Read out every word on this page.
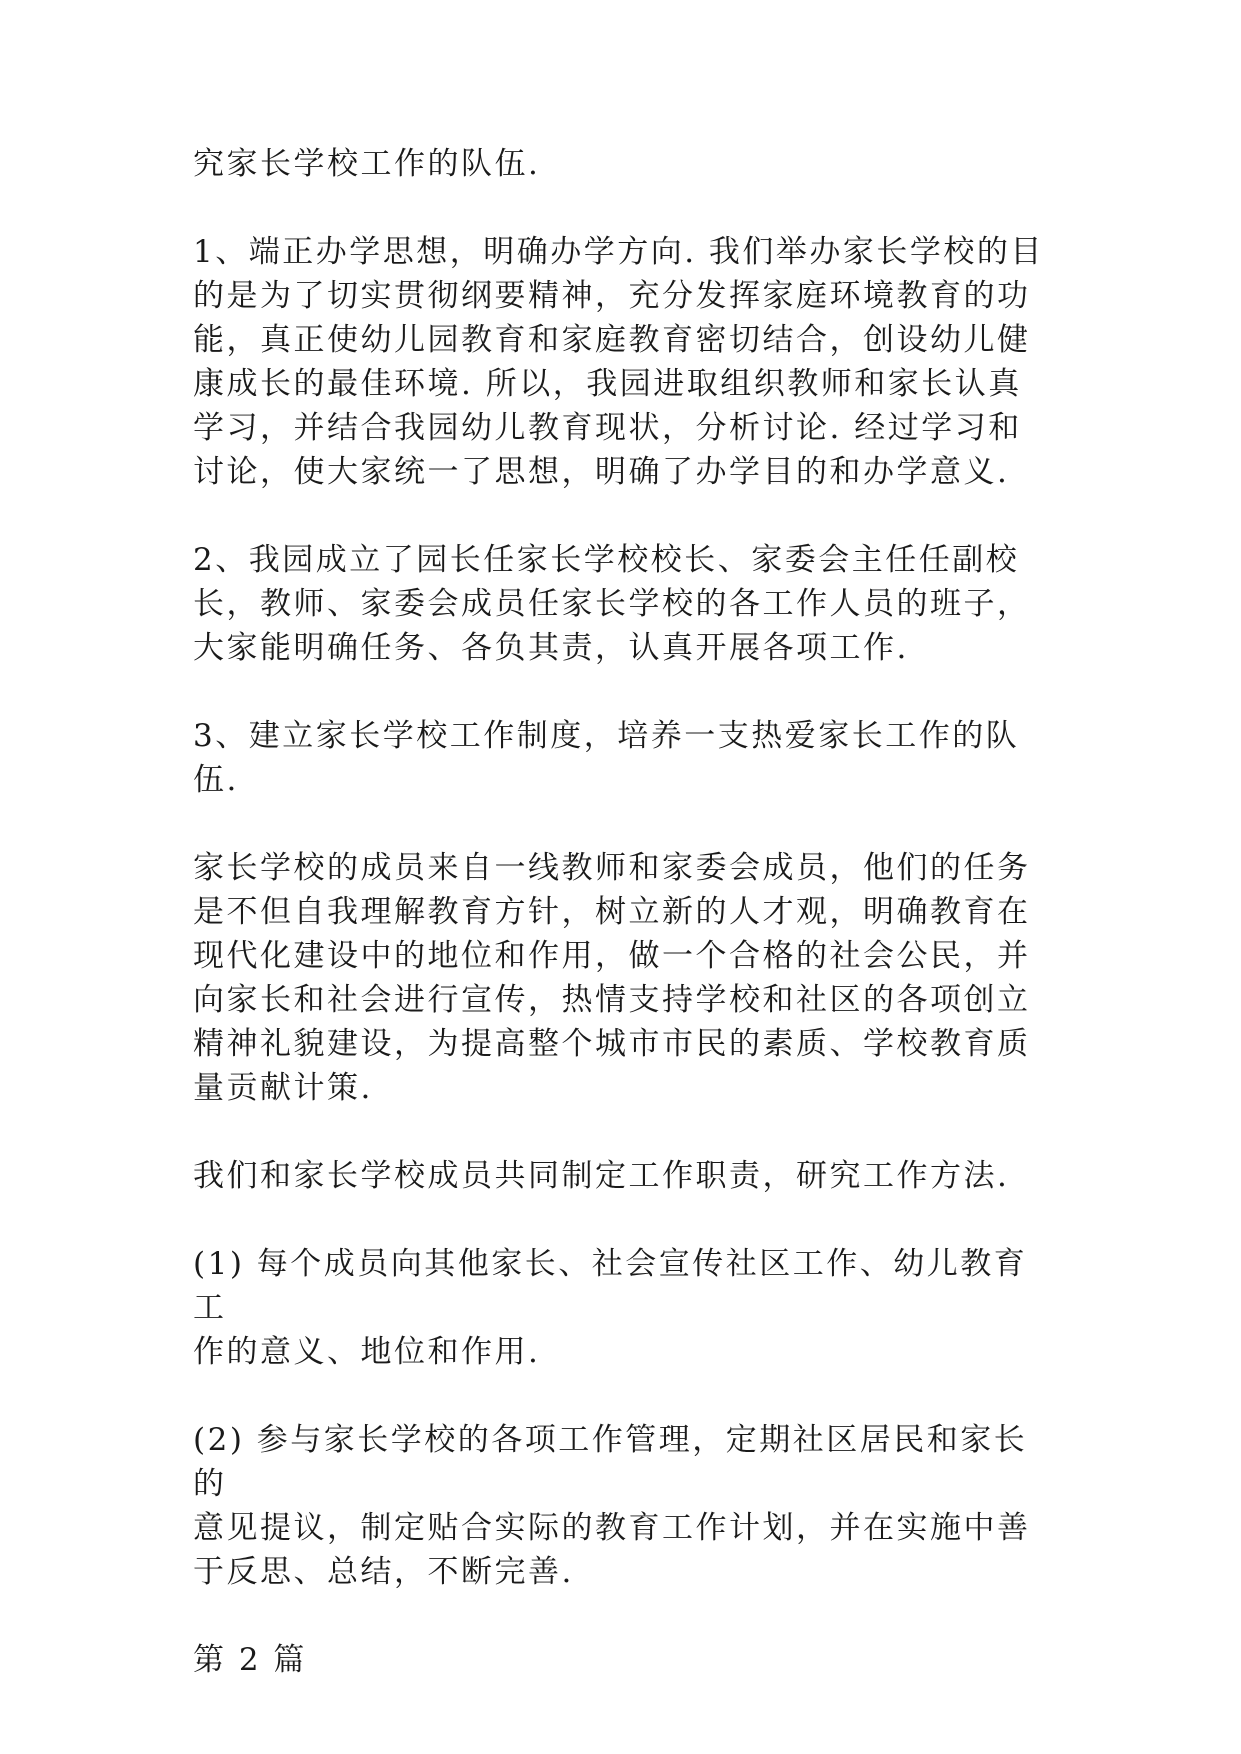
究家长学校工作的队伍.

1、端正办学思想，明确办学方向. 我们举办家长学校的目
的是为了切实贯彻纲要精神，充分发挥家庭环境教育的功
能，真正使幼儿园教育和家庭教育密切结合，创设幼儿健
康成长的最佳环境. 所以，我园进取组织教师和家长认真
学习，并结合我园幼儿教育现状，分析讨论. 经过学习和
讨论，使大家统一了思想，明确了办学目的和办学意义.

2、我园成立了园长任家长学校校长、家委会主任任副校
长，教师、家委会成员任家长学校的各工作人员的班子，
大家能明确任务、各负其责，认真开展各项工作.

3、建立家长学校工作制度，培养一支热爱家长工作的队
伍.

家长学校的成员来自一线教师和家委会成员，他们的任务
是不但自我理解教育方针，树立新的人才观，明确教育在
现代化建设中的地位和作用，做一个合格的社会公民，并
向家长和社会进行宣传，热情支持学校和社区的各项创立
精神礼貌建设，为提高整个城市市民的素质、学校教育质
量贡献计策.

我们和家长学校成员共同制定工作职责，研究工作方法.

(1) 每个成员向其他家长、社会宣传社区工作、幼儿教育工
作的意义、地位和作用.

(2) 参与家长学校的各项工作管理，定期社区居民和家长的
意见提议，制定贴合实际的教育工作计划，并在实施中善
于反思、总结，不断完善.

第 2 篇
